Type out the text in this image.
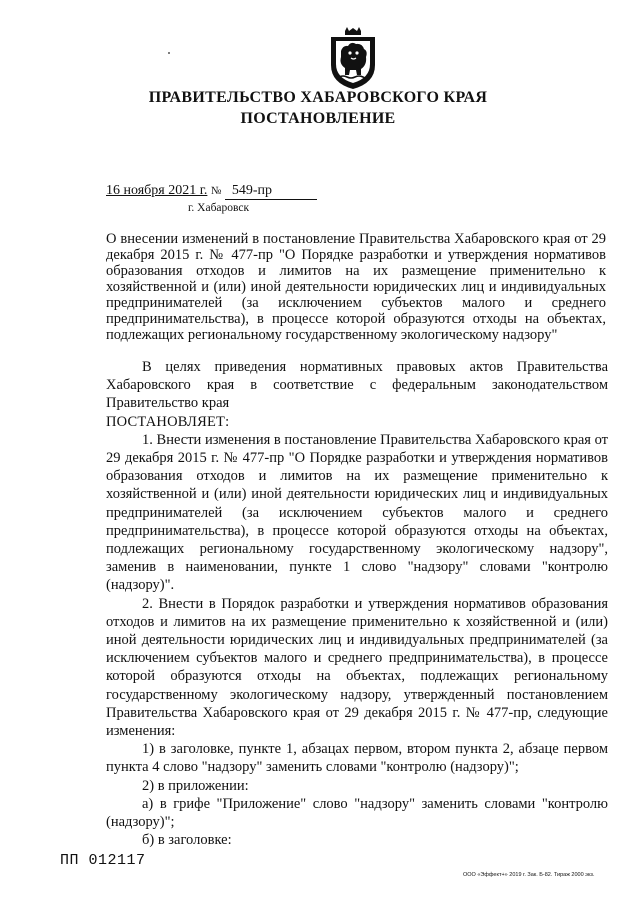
ПРАВИТЕЛЬСТВО ХАБАРОВСКОГО КРАЯ
ПОСТАНОВЛЕНИЕ
16 ноября 2021 г. № 549-пр
г. Хабаровск
О внесении изменений в постановление Правительства Хабаровского края от 29 декабря 2015 г. № 477-пр "О Порядке разработки и утверждения нормативов образования отходов и лимитов на их размещение применительно к хозяйственной и (или) иной деятельности юридических лиц и индивидуальных предпринимателей (за исключением субъектов малого и среднего предпринимательства), в процессе которой образуются отходы на объектах, подлежащих региональному государственному экологическому надзору"

В целях приведения нормативных правовых актов Правительства Хабаровского края в соответствие с федеральным законодательством Правительство края

ПОСТАНОВЛЯЕТ:

1. Внести изменения в постановление Правительства Хабаровского края от 29 декабря 2015 г. № 477-пр "О Порядке разработки и утверждения нормативов образования отходов и лимитов на их размещение применительно к хозяйственной и (или) иной деятельности юридических лиц и индивидуальных предпринимателей (за исключением субъектов малого и среднего предпринимательства), в процессе которой образуются отходы на объектах, подлежащих региональному государственному экологическому надзору", заменив в наименовании, пункте 1 слово "надзору" словами "контролю (надзору)".

2. Внести в Порядок разработки и утверждения нормативов образования отходов и лимитов на их размещение применительно к хозяйственной и (или) иной деятельности юридических лиц и индивидуальных предпринимателей (за исключением субъектов малого и среднего предпринимательства), в процессе которой образуются отходы на объектах, подлежащих региональному государственному экологическому надзору, утвержденный постановлением Правительства Хабаровского края от 29 декабря 2015 г. № 477-пр, следующие изменения:

1) в заголовке, пункте 1, абзацах первом, втором пункта 2, абзаце первом пункта 4 слово "надзору" заменить словами "контролю (надзору)";

2) в приложении:

а) в грифе "Приложение" слово "надзору" заменить словами "контролю (надзору)";

б) в заголовке:

ПП 012117
ООО «Эффект+» 2019 г. Зак. Б-82. Тираж 2000 экз.
